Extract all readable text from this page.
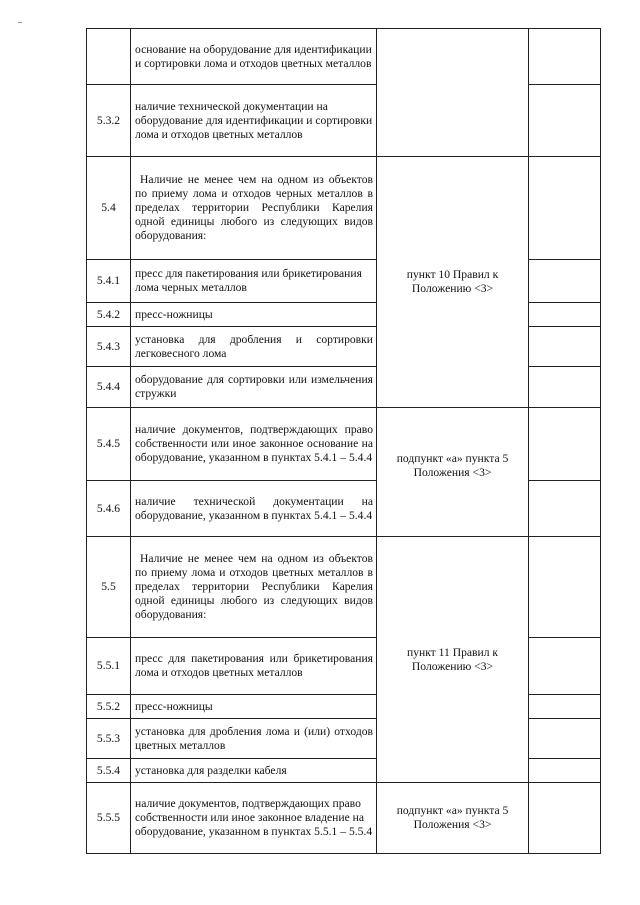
	основание на оборудование для идентификации и сортировки лома и отходов цветных металлов		
5.3.2	наличие технической документации на оборудование для идентификации и сортировки лома и отходов цветных металлов		
5.4	Наличие не менее чем на одном из объектов по приему лома и отходов черных металлов в пределах территории Республики Карелия одной единицы любого из следующих видов оборудования:	пункт 10 Правил к Положению <3>	
5.4.1	пресс для пакетирования или брикетирования лома черных металлов		
5.4.2	пресс-ножницы		
5.4.3	установка для дробления и сортировки легковесного лома		
5.4.4	оборудование для сортировки или измельчения стружки		
5.4.5	наличие документов, подтверждающих право собственности или иное законное основание на оборудование, указанном в пунктах 5.4.1 – 5.4.4	подпункт «а» пункта 5 Положения <3>	
5.4.6	наличие технической документации на оборудование, указанном в пунктах 5.4.1 – 5.4.4		
5.5	Наличие не менее чем на одном из объектов по приему лома и отходов цветных металлов в пределах территории Республики Карелия одной единицы любого из следующих видов оборудования:	пункт 11 Правил к Положению <3>	
5.5.1	пресс для пакетирования или брикетирования лома и отходов цветных металлов		
5.5.2	пресс-ножницы		
5.5.3	установка для дробления лома и (или) отходов цветных металлов		
5.5.4	установка для разделки кабеля		
5.5.5	наличие документов, подтверждающих право собственности или иное законное владение на оборудование, указанном в пунктах 5.5.1 – 5.5.4	подпункт «а» пункта 5 Положения <3>	
